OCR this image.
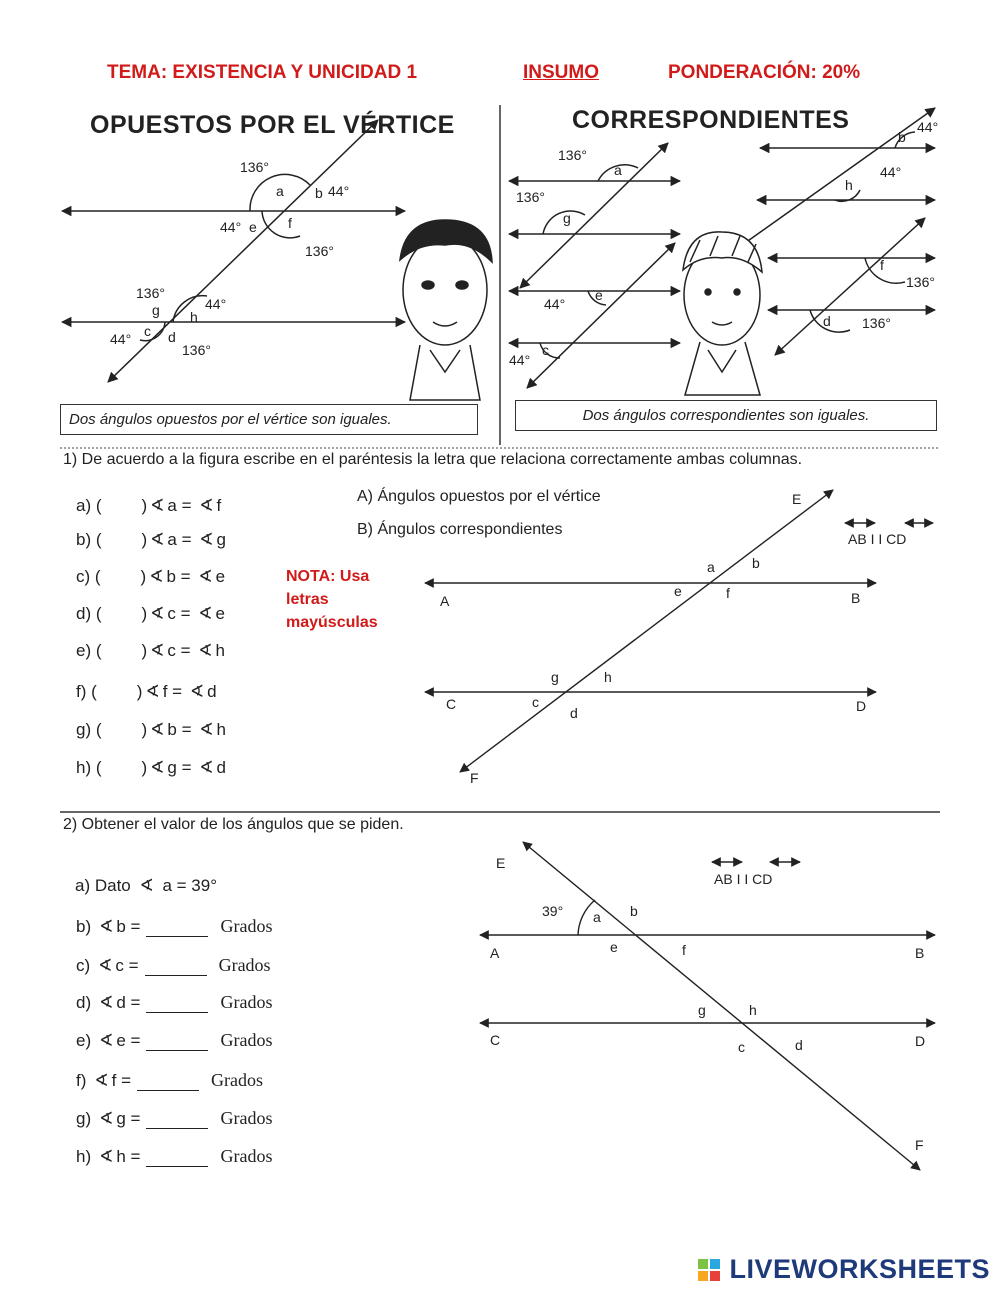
TEMA: EXISTENCIA Y UNICIDAD 1	INSUMO	PONDERACIÓN: 20%
136°
a b 44°
44° e f
136°
136°
g h
44°
44° c d
136°
136°
a
136°
g
44°
e
44°
c
b
44°
h
44°
f
136°
d 136°
E
F
A	B
C	D
a	b
e	f
g	h
c
d
AB I I CD
E
F
A	B
C	D
39° a b
e	f
g	h
c	d
AB I I CD
OPUESTOS POR EL VÉRTICE	CORRESPONDIENTES
Dos ángulos opuestos por el vértice son iguales.	Dos ángulos correspondientes son iguales.
1) De acuerdo a la figura escribe en el paréntesis la letra que relaciona correctamente ambas columnas.
A) Ángulos opuestos por el vértice
B) Ángulos correspondientes
a) ( ) ∢ a = ∢ f
b) ( ) ∢ a = ∢ g
c) ( ) ∢ b = ∢ e
d) ( ) ∢ c = ∢ e
e) ( ) ∢ c = ∢ h
f) ( ) ∢ f = ∢ d
g) ( ) ∢ b = ∢ h
h) ( ) ∢ g = ∢ d
NOTA: Usa
letras
mayúsculas
2) Obtener el valor de los ángulos que se piden.
a) Dato ∢ a = 39°
b) ∢ b =	Grados
c) ∢ c =	Grados
d) ∢ d =	Grados
e) ∢ e =	Grados
f) ∢ f =	Grados
g) ∢ g =	Grados
h) ∢ h =	Grados
LIVEWORKSHEETS
